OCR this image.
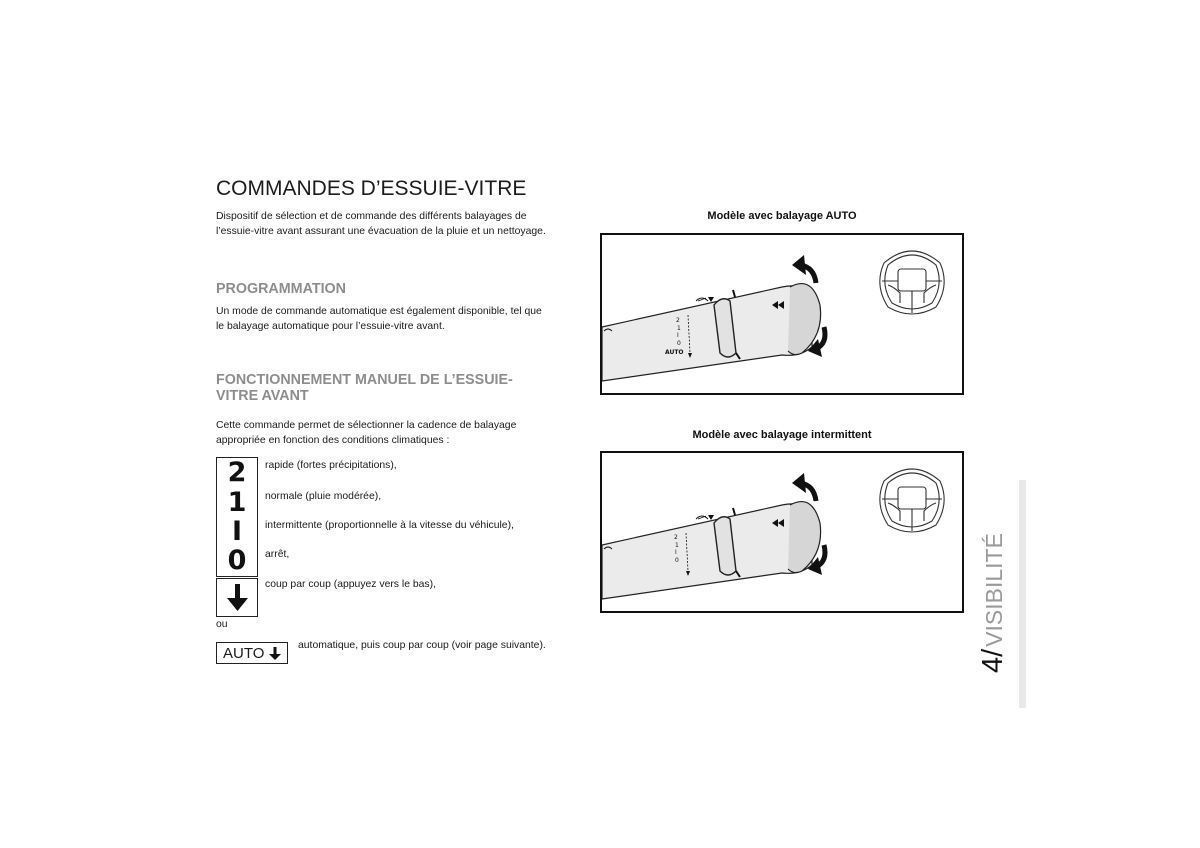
COMMANDES D’ESSUIE-VITRE
Dispositif de sélection et de commande des différents balayages de
l’essuie-vitre avant assurant une évacuation de la pluie et un nettoyage.
PROGRAMMATION
Un mode de commande automatique est également disponible, tel que
le balayage automatique pour l’essuie-vitre avant.
FONCTIONNEMENT MANUEL DE L’ESSUIE-
VITRE AVANT
Cette commande permet de sélectionner la cadence de balayage
appropriée en fonction des conditions climatiques :
2
1
I
0
rapide (fortes précipitations),
normale (pluie modérée),
intermittente (proportionnelle à la vitesse du véhicule),
arrêt,
coup par coup (appuyez vers le bas),
ou
AUTO	automatique, puis coup par coup (voir page suivante).
Modèle avec balayage AUTO
2
1
I
0
AUTO
Modèle avec balayage intermittent
2
1
I
0
4/VISIBILITÉ
